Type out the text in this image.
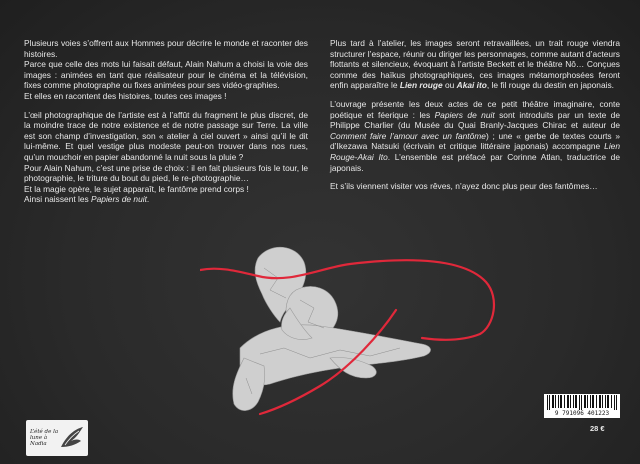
Plusieurs voies s’offrent aux Hommes pour décrire le monde et raconter des histoires.

Parce que celle des mots lui faisait défaut, Alain Nahum a choisi la voie des images : animées en tant que réalisateur pour le cinéma et la télévision, fixes comme photographe ou fixes animées pour ses vidéo-graphies.

Et elles en racontent des histoires, toutes ces images !

L’œil photographique de l’artiste est à l’affût du fragment le plus discret, de la moindre trace de notre existence et de notre passage sur Terre. La ville est son champ d’investigation, son « atelier à ciel ouvert » ainsi qu’il le dit lui-même. Et quel vestige plus modeste peut-on trouver dans nos rues, qu’un mouchoir en papier abandonné la nuit sous la pluie ?

Pour Alain Nahum, c’est une prise de choix : il en fait plusieurs fois le tour, le photographie, le triture du bout du pied, le re-photographie…

Et la magie opère, le sujet apparaît, le fantôme prend corps !

Ainsi naissent les Papiers de nuit.

Plus tard à l’atelier, les images seront retravaillées, un trait rouge viendra structurer l’espace, réunir ou diriger les personnages, comme autant d’acteurs flottants et silencieux, évoquant à l’artiste Beckett et le théâtre Nô… Conçues comme des haïkus photographiques, ces images métamorphosées feront enfin apparaître le Lien rouge ou Akai ito, le fil rouge du destin en japonais.

L’ouvrage présente les deux actes de ce petit théâtre imaginaire, conte poétique et féerique : les Papiers de nuit sont introduits par un texte de Philippe Charlier (du Musée du Quai Branly-Jacques Chirac et auteur de Comment faire l’amour avec un fantôme) ; une « gerbe de textes courts » d’Ikezawa Natsuki (écrivain et critique littéraire japonais) accompagne Lien Rouge-Akai Ito. L’ensemble est préfacé par Corinne Atlan, traductrice de japonais.

Et s’ils viennent visiter vos rêves, n’ayez donc plus peur des fantômes…

L’été de la lune à Nadia
9 791096 401223
28 €
